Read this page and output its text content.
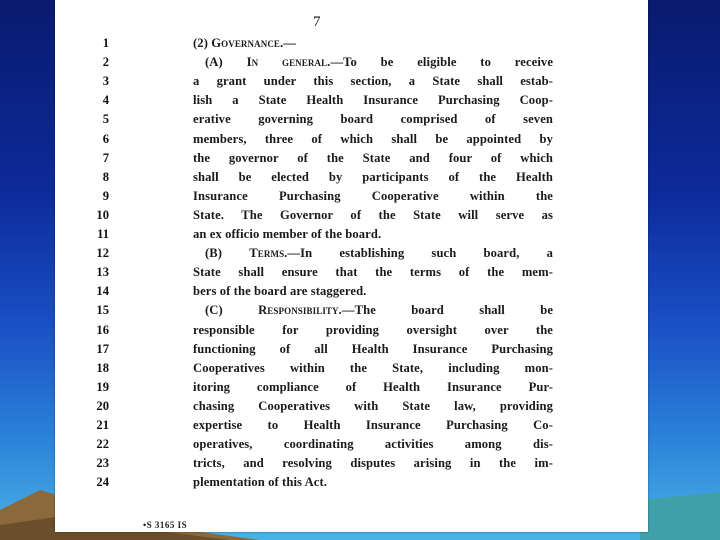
7
1	(2) Governance.—
2	(A) In general.—To be eligible to receive
3	a grant under this section, a State shall estab-
4	lish a State Health Insurance Purchasing Coop-
5	erative governing board comprised of seven
6	members, three of which shall be appointed by
7	the governor of the State and four of which
8	shall be elected by participants of the Health
9	Insurance Purchasing Cooperative within the
10	State. The Governor of the State will serve as
11	an ex officio member of the board.
12	(B) Terms.—In establishing such board, a
13	State shall ensure that the terms of the mem-
14	bers of the board are staggered.
15	(C) Responsibility.—The board shall be
16	responsible for providing oversight over the
17	functioning of all Health Insurance Purchasing
18	Cooperatives within the State, including mon-
19	itoring compliance of Health Insurance Pur-
20	chasing Cooperatives with State law, providing
21	expertise to Health Insurance Purchasing Co-
22	operatives, coordinating activities among dis-
23	tricts, and resolving disputes arising in the im-
24	plementation of this Act.
•S 3165 IS
